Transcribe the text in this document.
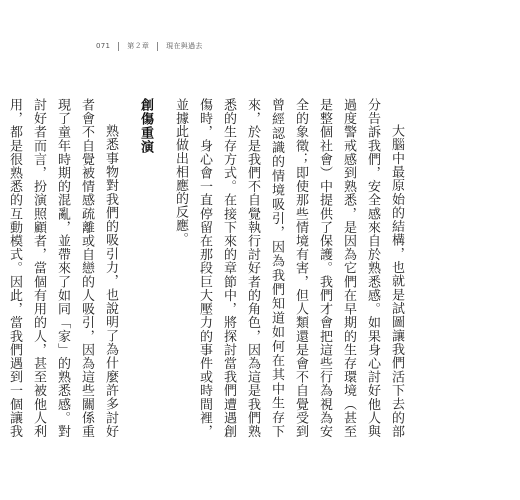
071 第２章 現在與過去

大腦中最原始的結構，也就是試圖讓我們活下去的部分告訴我們，安全感來自於熟悉感。如果身心討好他人與過度警戒感到熟悉，是因為它們在早期的生存環境（甚至是整個社會）中提供了保護。我們才會把這些行為視為安全的象徵；即使那些情境有害，但人類還是會不自覺受到曾經認識的情境吸引，因為我們知道如何在其中生存下來，於是我們不自覺執行討好者的角色，因為這是我們熟悉的生存方式。在接下來的章節中，將探討當我們遭遇創傷時，身心會一直停留在那段巨大壓力的事件或時間裡，並據此做出相應的反應。

創傷重演

熟悉事物對我們的吸引力，也說明了為什麼許多討好者會不自覺被情感疏離或自戀的人吸引，因為這些關係重現了童年時期的混亂，並帶來了如同「家」的熟悉感。對討好者而言，扮演照顧者，當個有用的人，甚至被他人利用，都是很熟悉的互動模式。因此，當我們遇到一個讓我
